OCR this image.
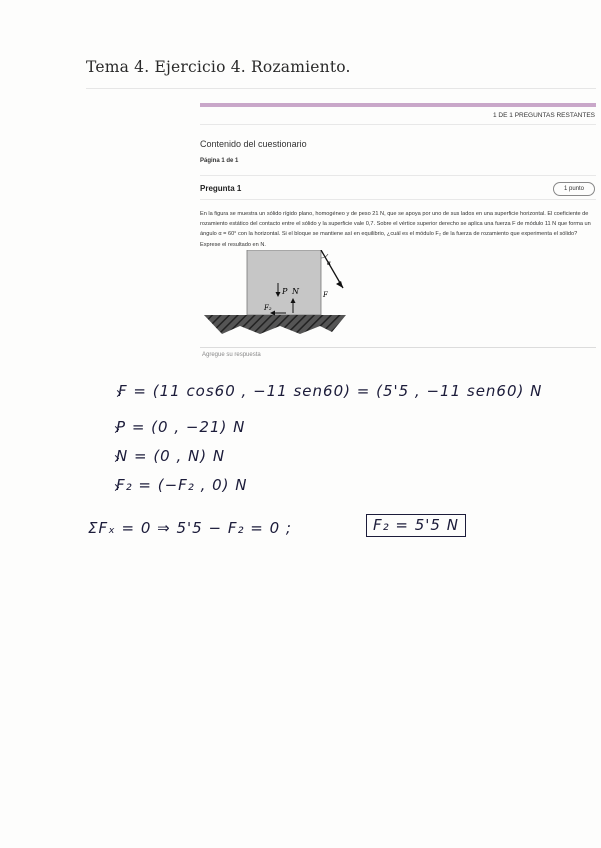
Tema 4. Ejercicio 4. Rozamiento.
1 DE 1 PREGUNTAS RESTANTES
Contenido del cuestionario
Página 1 de 1
Pregunta 1	1 punto
En la figura se muestra un sólido rígido plano, homogéneo y de peso 21 N, que se apoya por uno de sus lados en una superficie horizontal. El coeficiente de rozamiento estático del contacto entre el sólido y la superficie vale 0,7. Sobre el vértice superior derecho se aplica una fuerza F de módulo 11 N que forma un ángulo α = 60° con la horizontal. Si el bloque se mantiene así en equilibrio, ¿cuál es el módulo F₂ de la fuerza de rozamiento que experimenta el sólido? Exprese el resultado en N.
α
F
P N
F₂
Agregue su respuesta
F = (11 cos60 , −11 sen60) = (5'5 , −11 sen60) N
P = (0 , −21) N
N = (0 , N) N
F₂ = (−F₂ , 0) N
ΣFₓ = 0 ⇒ 5'5 − F₂ = 0 ;	F₂ = 5'5 N
